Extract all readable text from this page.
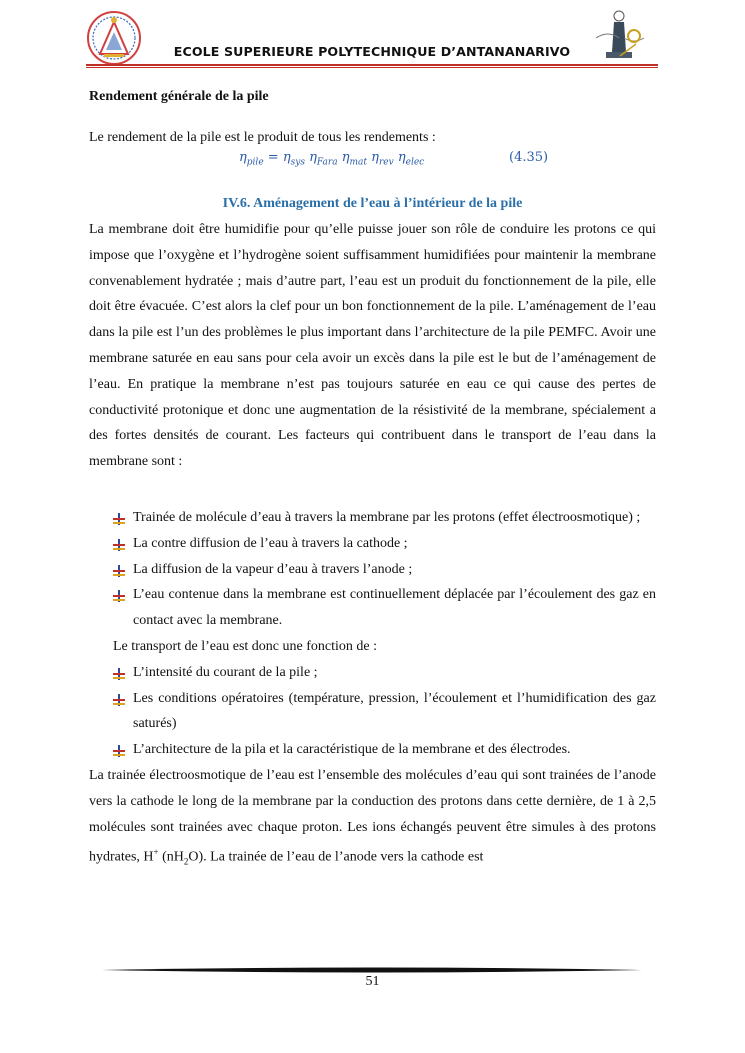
ECOLE SUPERIEURE POLYTECHNIQUE D’ANTANANARIVO

Rendement générale de la pile

Le rendement de la pile est le produit de tous les rendements :

$\eta_{pile} = \eta_{sys}$ $\eta_{Fara}$ $\eta_{mat}$ $\eta_{rev}$ $\eta_{elec}$	(4.35)

IV.6. Aménagement de l’eau à l’intérieur de la pile

La membrane doit être humidifie pour qu’elle puisse jouer son rôle de conduire les protons ce qui impose que l’oxygène et l’hydrogène soient suffisamment humidifiées pour maintenir la membrane convenablement hydratée ; mais d’autre part, l’eau est un produit du fonctionnement de la pile, elle doit être évacuée. C’est alors la clef pour un bon fonctionnement de la pile. L’aménagement de l’eau dans la pile est l’un des problèmes le plus important dans l’architecture de la pile PEMFC. Avoir une membrane saturée en eau sans pour cela avoir un excès dans la pile est le but de l’aménagement de l’eau. En pratique la membrane n’est pas toujours saturée en eau ce qui cause des pertes de conductivité protonique et donc une augmentation de la résistivité de la membrane, spécialement a des fortes densités de courant. Les facteurs qui contribuent dans le transport de l’eau dans la membrane sont :

Trainée de molécule d’eau à travers la membrane par les protons (effet électroosmotique) ;
La contre diffusion de l’eau à travers la cathode ;
La diffusion de la vapeur d’eau à travers l’anode ;
L’eau contenue dans la membrane est continuellement déplacée par l’écoulement des gaz en contact avec la membrane.

Le transport de l’eau est donc une fonction de :

L’intensité du courant de la pile ;
Les conditions opératoires (température, pression, l’écoulement et l’humidification des gaz saturés)
L’architecture de la pila et la caractéristique de la membrane et des électrodes.

La trainée électroosmotique de l’eau est l’ensemble des molécules d’eau qui sont trainées de l’anode vers la cathode le long de la membrane par la conduction des protons dans cette dernière, de 1 à 2,5 molécules sont trainées avec chaque proton. Les ions échangés peuvent être simules à des protons hydrates, H+ $(nH_2O)$. La trainée de l’eau de l’anode vers la cathode est

51
